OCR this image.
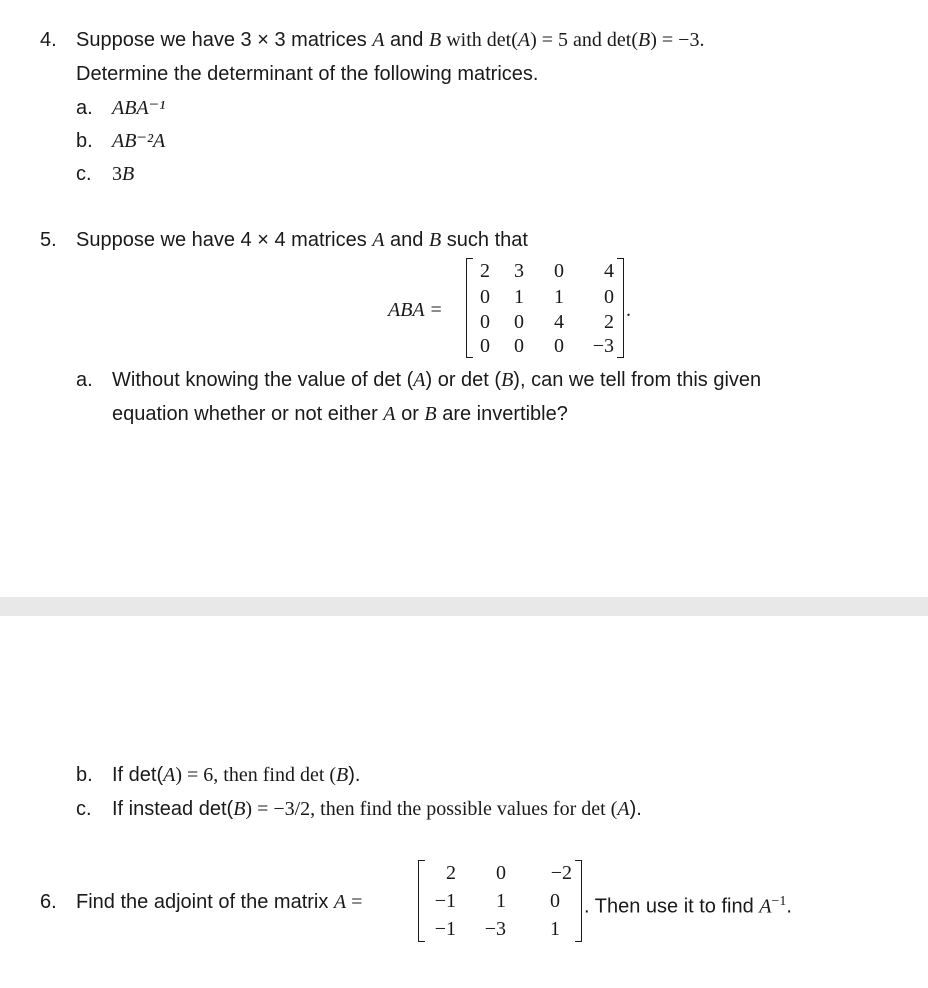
4. Suppose we have 3 × 3 matrices A and B with det(A) = 5 and det(B) = −3.
Determine the determinant of the following matrices.
a. ABA⁻¹
b. AB⁻²A
c. 3B
5. Suppose we have 4 × 4 matrices A and B such that
ABA =
2	3	0	4
0	1	1	0
0	0	4	2
0	0	0	−3
.
a. Without knowing the value of det (A) or det (B), can we tell from this given
equation whether or not either A or B are invertible?
b. If det(A) = 6, then find det (B).
c. If instead det(B) = −3/2, then find the possible values for det (A).
6. Find the adjoint of the matrix A =
2	0	−2
−1	1	0
−1	−3	1
. Then use it to find $A^{-1}$.
